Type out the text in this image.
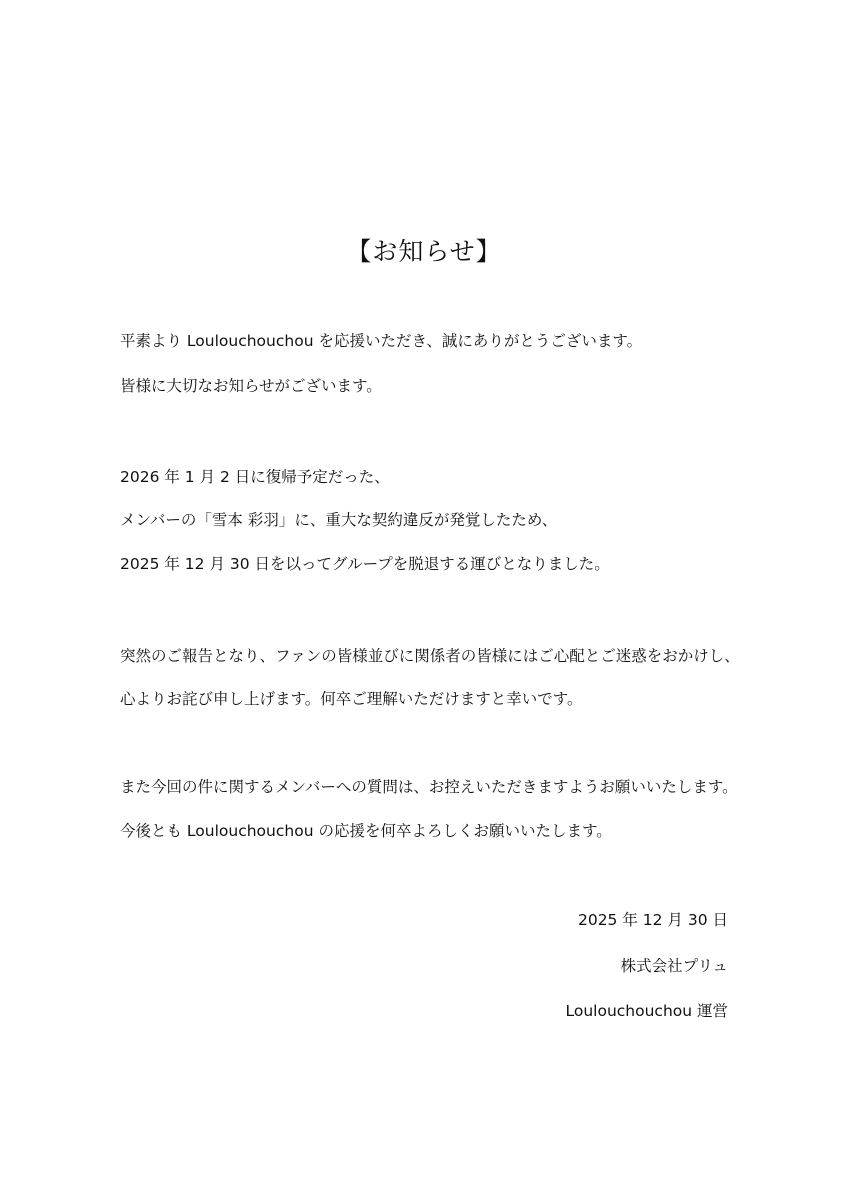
【お知らせ】
平素より Loulouchouchou を応援いただき、誠にありがとうございます。
皆様に大切なお知らせがございます。
2026 年 1 月 2 日に復帰予定だった、
メンバーの「雪本 彩羽」に、重大な契約違反が発覚したため、
2025 年 12 月 30 日を以ってグループを脱退する運びとなりました。
突然のご報告となり、ファンの皆様並びに関係者の皆様にはご心配とご迷惑をおかけし、
心よりお詫び申し上げます。何卒ご理解いただけますと幸いです。
また今回の件に関するメンバーへの質問は、お控えいただきますようお願いいたします。
今後とも Loulouchouchou の応援を何卒よろしくお願いいたします。
2025 年 12 月 30 日
株式会社プリュ
Loulouchouchou 運営
